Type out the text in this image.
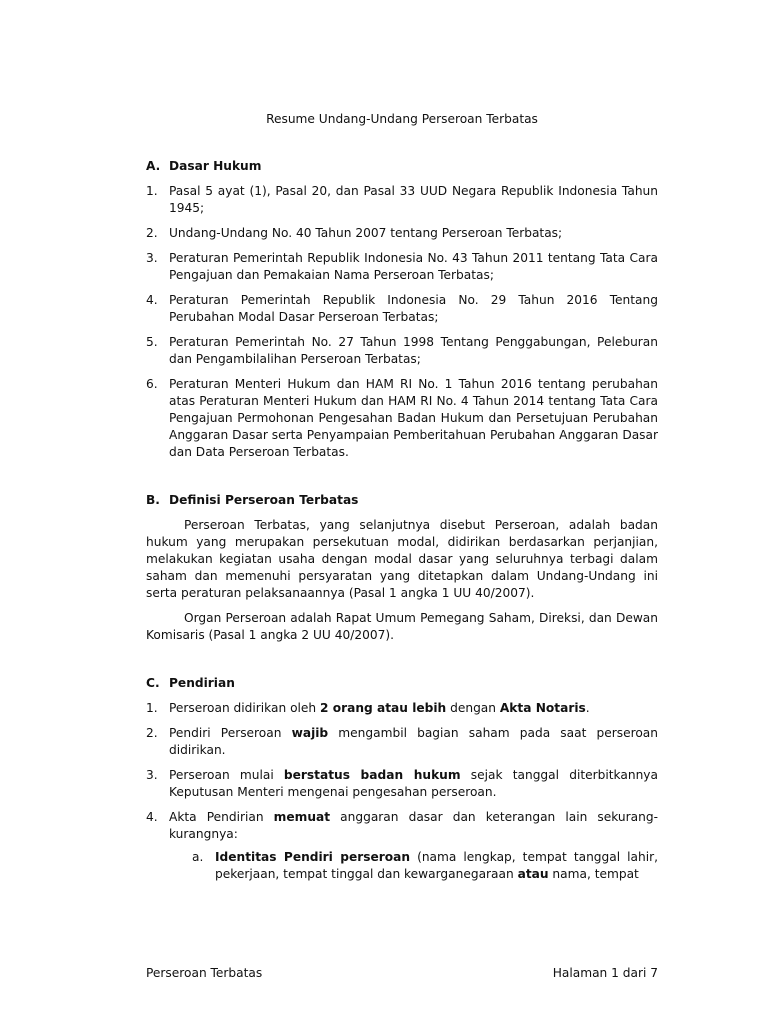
Resume Undang-Undang Perseroan Terbatas
A. Dasar Hukum
1. Pasal 5 ayat (1), Pasal 20, dan Pasal 33 UUD Negara Republik Indonesia Tahun 1945;
2. Undang-Undang No. 40 Tahun 2007 tentang Perseroan Terbatas;
3. Peraturan Pemerintah Republik Indonesia No. 43 Tahun 2011 tentang Tata Cara Pengajuan dan Pemakaian Nama Perseroan Terbatas;
4. Peraturan Pemerintah Republik Indonesia No. 29 Tahun 2016 Tentang Perubahan Modal Dasar Perseroan Terbatas;
5. Peraturan Pemerintah No. 27 Tahun 1998 Tentang Penggabungan, Peleburan dan Pengambilalihan Perseroan Terbatas;
6. Peraturan Menteri Hukum dan HAM RI No. 1 Tahun 2016 tentang perubahan atas Peraturan Menteri Hukum dan HAM RI No. 4 Tahun 2014 tentang Tata Cara Pengajuan Permohonan Pengesahan Badan Hukum dan Persetujuan Perubahan Anggaran Dasar serta Penyampaian Pemberitahuan Perubahan Anggaran Dasar dan Data Perseroan Terbatas.
B. Definisi Perseroan Terbatas

Perseroan Terbatas, yang selanjutnya disebut Perseroan, adalah badan hukum yang merupakan persekutuan modal, didirikan berdasarkan perjanjian, melakukan kegiatan usaha dengan modal dasar yang seluruhnya terbagi dalam saham dan memenuhi persyaratan yang ditetapkan dalam Undang-Undang ini serta peraturan pelaksanaannya (Pasal 1 angka 1 UU 40/2007).

Organ Perseroan adalah Rapat Umum Pemegang Saham, Direksi, dan Dewan Komisaris (Pasal 1 angka 2 UU 40/2007).

C. Pendirian
1. Perseroan didirikan oleh 2 orang atau lebih dengan Akta Notaris.
2. Pendiri Perseroan wajib mengambil bagian saham pada saat perseroan didirikan.
3. Perseroan mulai berstatus badan hukum sejak tanggal diterbitkannya Keputusan Menteri mengenai pengesahan perseroan.
4. Akta Pendirian memuat anggaran dasar dan keterangan lain sekurang-kurangnya:
a. Identitas Pendiri perseroan (nama lengkap, tempat tanggal lahir, pekerjaan, tempat tinggal dan kewarganegaraan atau nama, tempat
Perseroan Terbatas	Halaman 1 dari 7
